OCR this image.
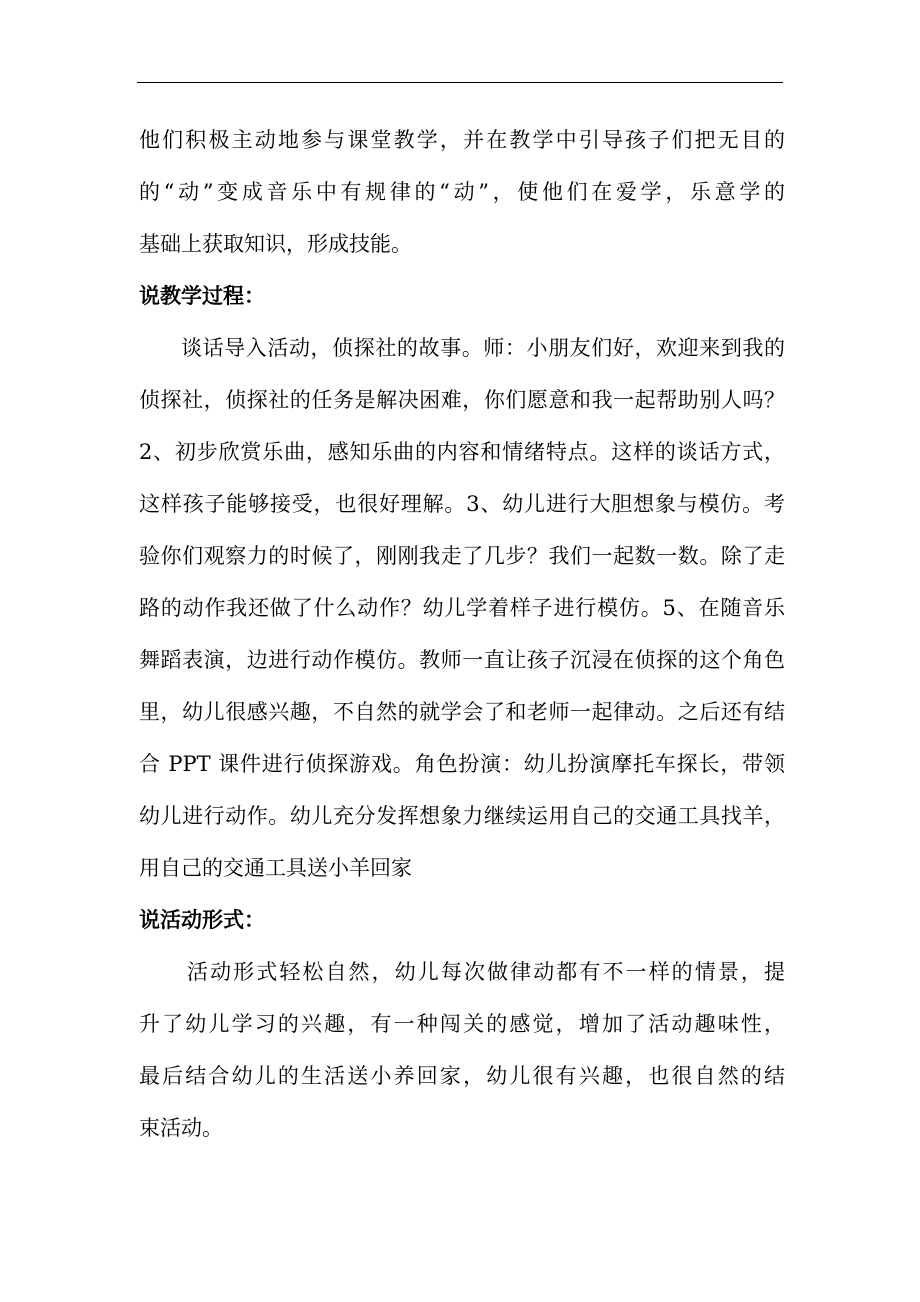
他们积极主动地参与课堂教学，并在教学中引导孩子们把无目的
的“动”变成音乐中有规律的“动”，使他们在爱学，乐意学的
基础上获取知识，形成技能。
说教学过程：
谈话导入活动，侦探社的故事。师：小朋友们好，欢迎来到我的
侦探社，侦探社的任务是解决困难，你们愿意和我一起帮助别人吗？
2、初步欣赏乐曲，感知乐曲的内容和情绪特点。这样的谈话方式，
这样孩子能够接受，也很好理解。3、幼儿进行大胆想象与模仿。考
验你们观察力的时候了，刚刚我走了几步？我们一起数一数。除了走
路的动作我还做了什么动作？幼儿学着样子进行模仿。5、在随音乐
舞蹈表演，边进行动作模仿。教师一直让孩子沉浸在侦探的这个角色
里，幼儿很感兴趣，不自然的就学会了和老师一起律动。之后还有结
合 PPT 课件进行侦探游戏。角色扮演：幼儿扮演摩托车探长，带领
幼儿进行动作。幼儿充分发挥想象力继续运用自己的交通工具找羊，
用自己的交通工具送小羊回家
说活动形式：
活动形式轻松自然，幼儿每次做律动都有不一样的情景，提
升了幼儿学习的兴趣，有一种闯关的感觉，增加了活动趣味性，
最后结合幼儿的生活送小养回家，幼儿很有兴趣，也很自然的结
束活动。
